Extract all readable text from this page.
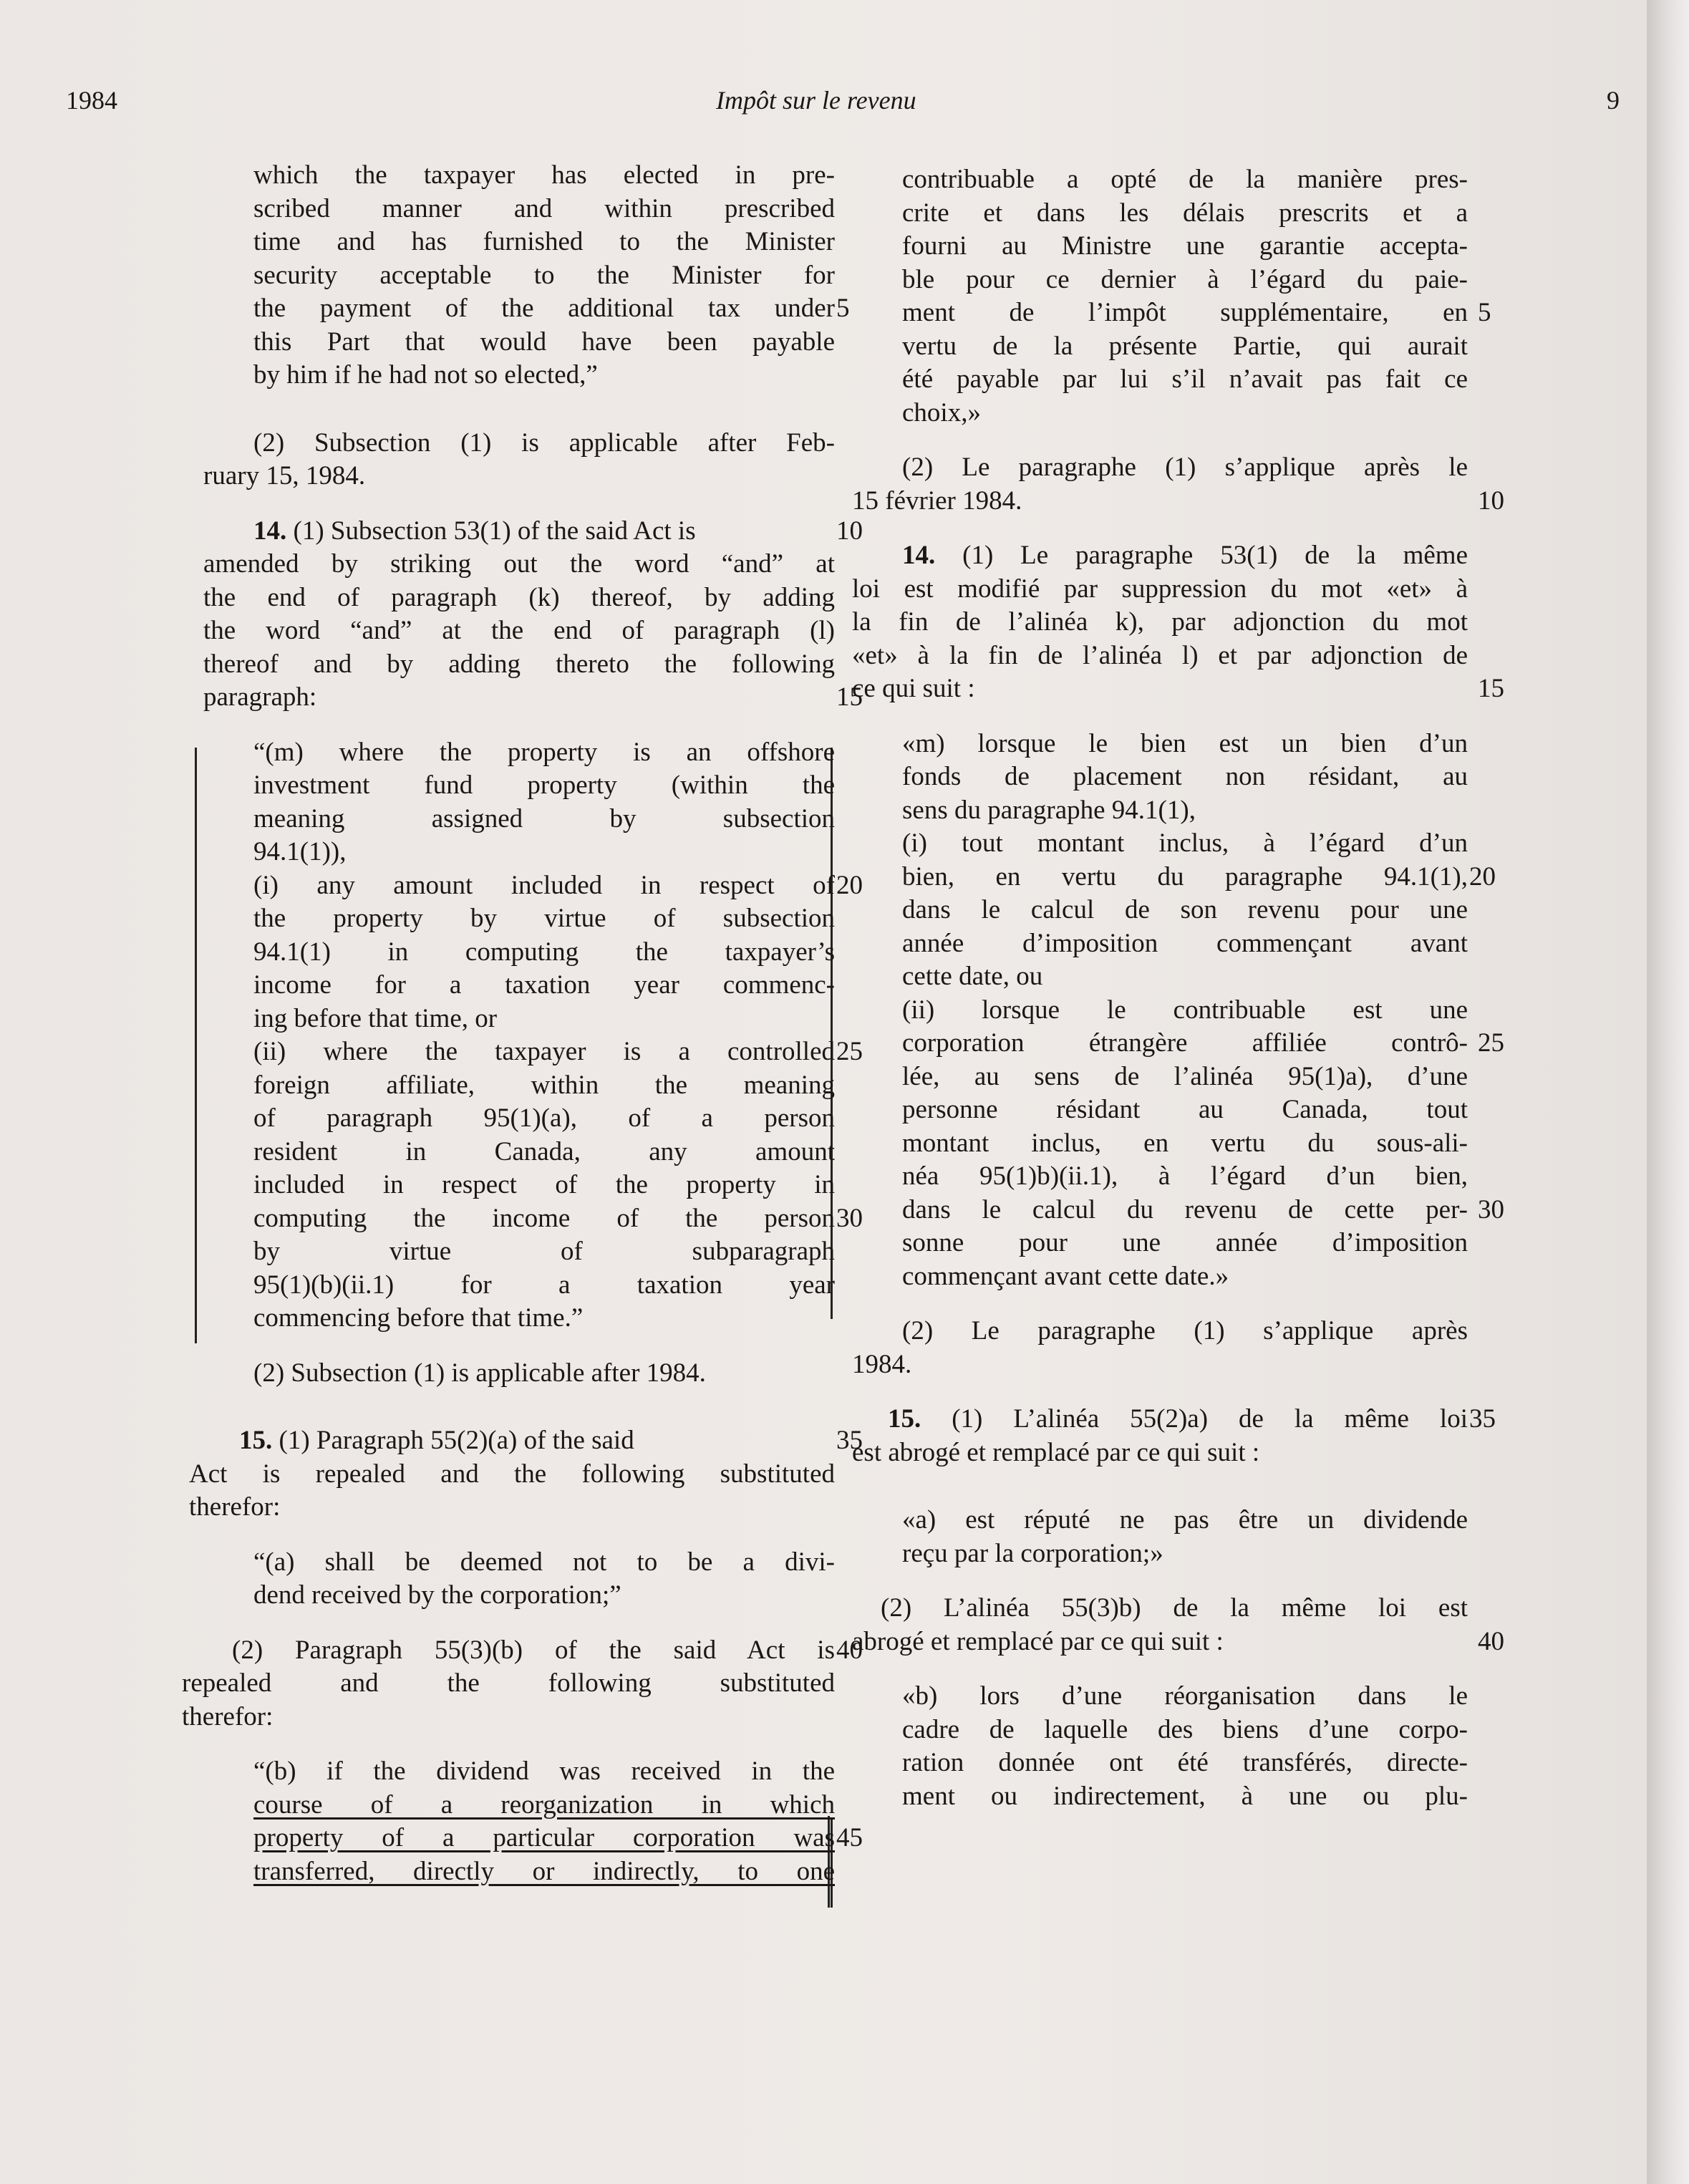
1984	Impôt sur le revenu	9
which the taxpayer has elected in pre-
scribed manner and within prescribed
time and has furnished to the Minister
security acceptable to the Minister for
the payment of the additional tax under 5
this Part that would have been payable
by him if he had not so elected,”
(2) Subsection (1) is applicable after Feb-
ruary 15, 1984.
14. (1) Subsection 53(1) of the said Act is	10
amended by striking out the word “and” at
the end of paragraph (k) thereof, by adding
the word “and” at the end of paragraph (l)
thereof and by adding thereto the following
paragraph:	15
“(m) where the property is an offshore
investment fund property (within the
meaning assigned by subsection
94.1(1)),
(i) any amount included in respect of 20
the property by virtue of subsection
94.1(1) in computing the taxpayer’s
income for a taxation year commenc-
ing before that time, or
(ii) where the taxpayer is a controlled 25
foreign affiliate, within the meaning
of paragraph 95(1)(a), of a person
resident in Canada, any amount
included in respect of the property in
computing the income of the person 30
by virtue of subparagraph
95(1)(b)(ii.1) for a taxation year
commencing before that time.”
(2) Subsection (1) is applicable after 1984.
15. (1) Paragraph 55(2)(a) of the said	35
Act is repealed and the following substituted
therefor:
“(a) shall be deemed not to be a divi-
dend received by the corporation;”
(2) Paragraph 55(3)(b) of the said Act is 40
repealed and the following substituted
therefor:
“(b) if the dividend was received in the
course of a reorganization in which
property of a particular corporation was 45
transferred, directly or indirectly, to one
contribuable a opté de la manière pres-
crite et dans les délais prescrits et a
fourni au Ministre une garantie accepta-
ble pour ce dernier à l’égard du paie-
ment de l’impôt supplémentaire, en 5
vertu de la présente Partie, qui aurait
été payable par lui s’il n’avait pas fait ce
choix,»
(2) Le paragraphe (1) s’applique après le
15 février 1984.	10
14. (1) Le paragraphe 53(1) de la même
loi est modifié par suppression du mot «et» à
la fin de l’alinéa k), par adjonction du mot
«et» à la fin de l’alinéa l) et par adjonction de
ce qui suit :	15
«m) lorsque le bien est un bien d’un
fonds de placement non résidant, au
sens du paragraphe 94.1(1),
(i) tout montant inclus, à l’égard d’un
bien, en vertu du paragraphe 94.1(1), 20
dans le calcul de son revenu pour une
année d’imposition commençant avant
cette date, ou
(ii) lorsque le contribuable est une
corporation étrangère affiliée contrô- 25
lée, au sens de l’alinéa 95(1)a), d’une
personne résidant au Canada, tout
montant inclus, en vertu du sous-ali-
néa 95(1)b)(ii.1), à l’égard d’un bien,
dans le calcul du revenu de cette per- 30
sonne pour une année d’imposition
commençant avant cette date.»
(2) Le paragraphe (1) s’applique après
1984.
15. (1) L’alinéa 55(2)a) de la même loi 35
est abrogé et remplacé par ce qui suit :
«a) est réputé ne pas être un dividende
reçu par la corporation;»
(2) L’alinéa 55(3)b) de la même loi est
abrogé et remplacé par ce qui suit :	40
«b) lors d’une réorganisation dans le
cadre de laquelle des biens d’une corpo-
ration donnée ont été transférés, directe-
ment ou indirectement, à une ou plu-
